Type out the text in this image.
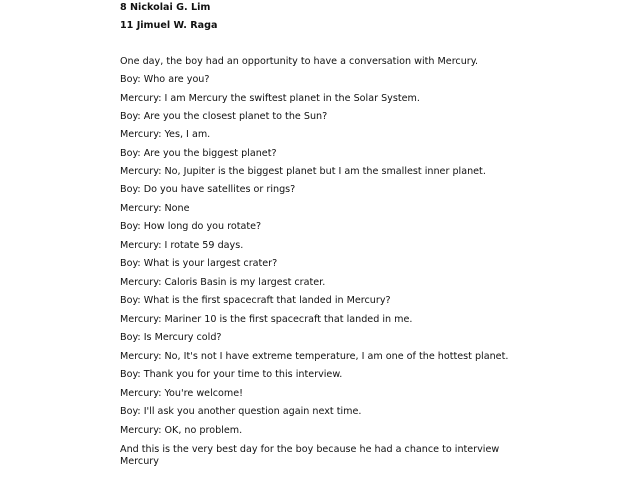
8 Nickolai G. Lim
11 Jimuel W. Raga
One day, the boy had an opportunity to have a conversation with Mercury.
Boy: Who are you?
Mercury: I am Mercury the swiftest planet in the Solar System.
Boy: Are you the closest planet to the Sun?
Mercury: Yes, I am.
Boy: Are you the biggest planet?
Mercury: No, Jupiter is the biggest planet but I am the smallest inner planet.
Boy: Do you have satellites or rings?
Mercury: None
Boy: How long do you rotate?
Mercury: I rotate 59 days.
Boy: What is your largest crater?
Mercury: Caloris Basin is my largest crater.
Boy: What is the first spacecraft that landed in Mercury?
Mercury: Mariner 10 is the first spacecraft that landed in me.
Boy: Is Mercury cold?
Mercury: No, It's not I have extreme temperature, I am one of the hottest planet.
Boy: Thank you for your time to this interview.
Mercury: You're welcome!
Boy: I'll ask you another question again next time.
Mercury: OK, no problem.
And this is the very best day for the boy because he had a chance to interview Mercury
